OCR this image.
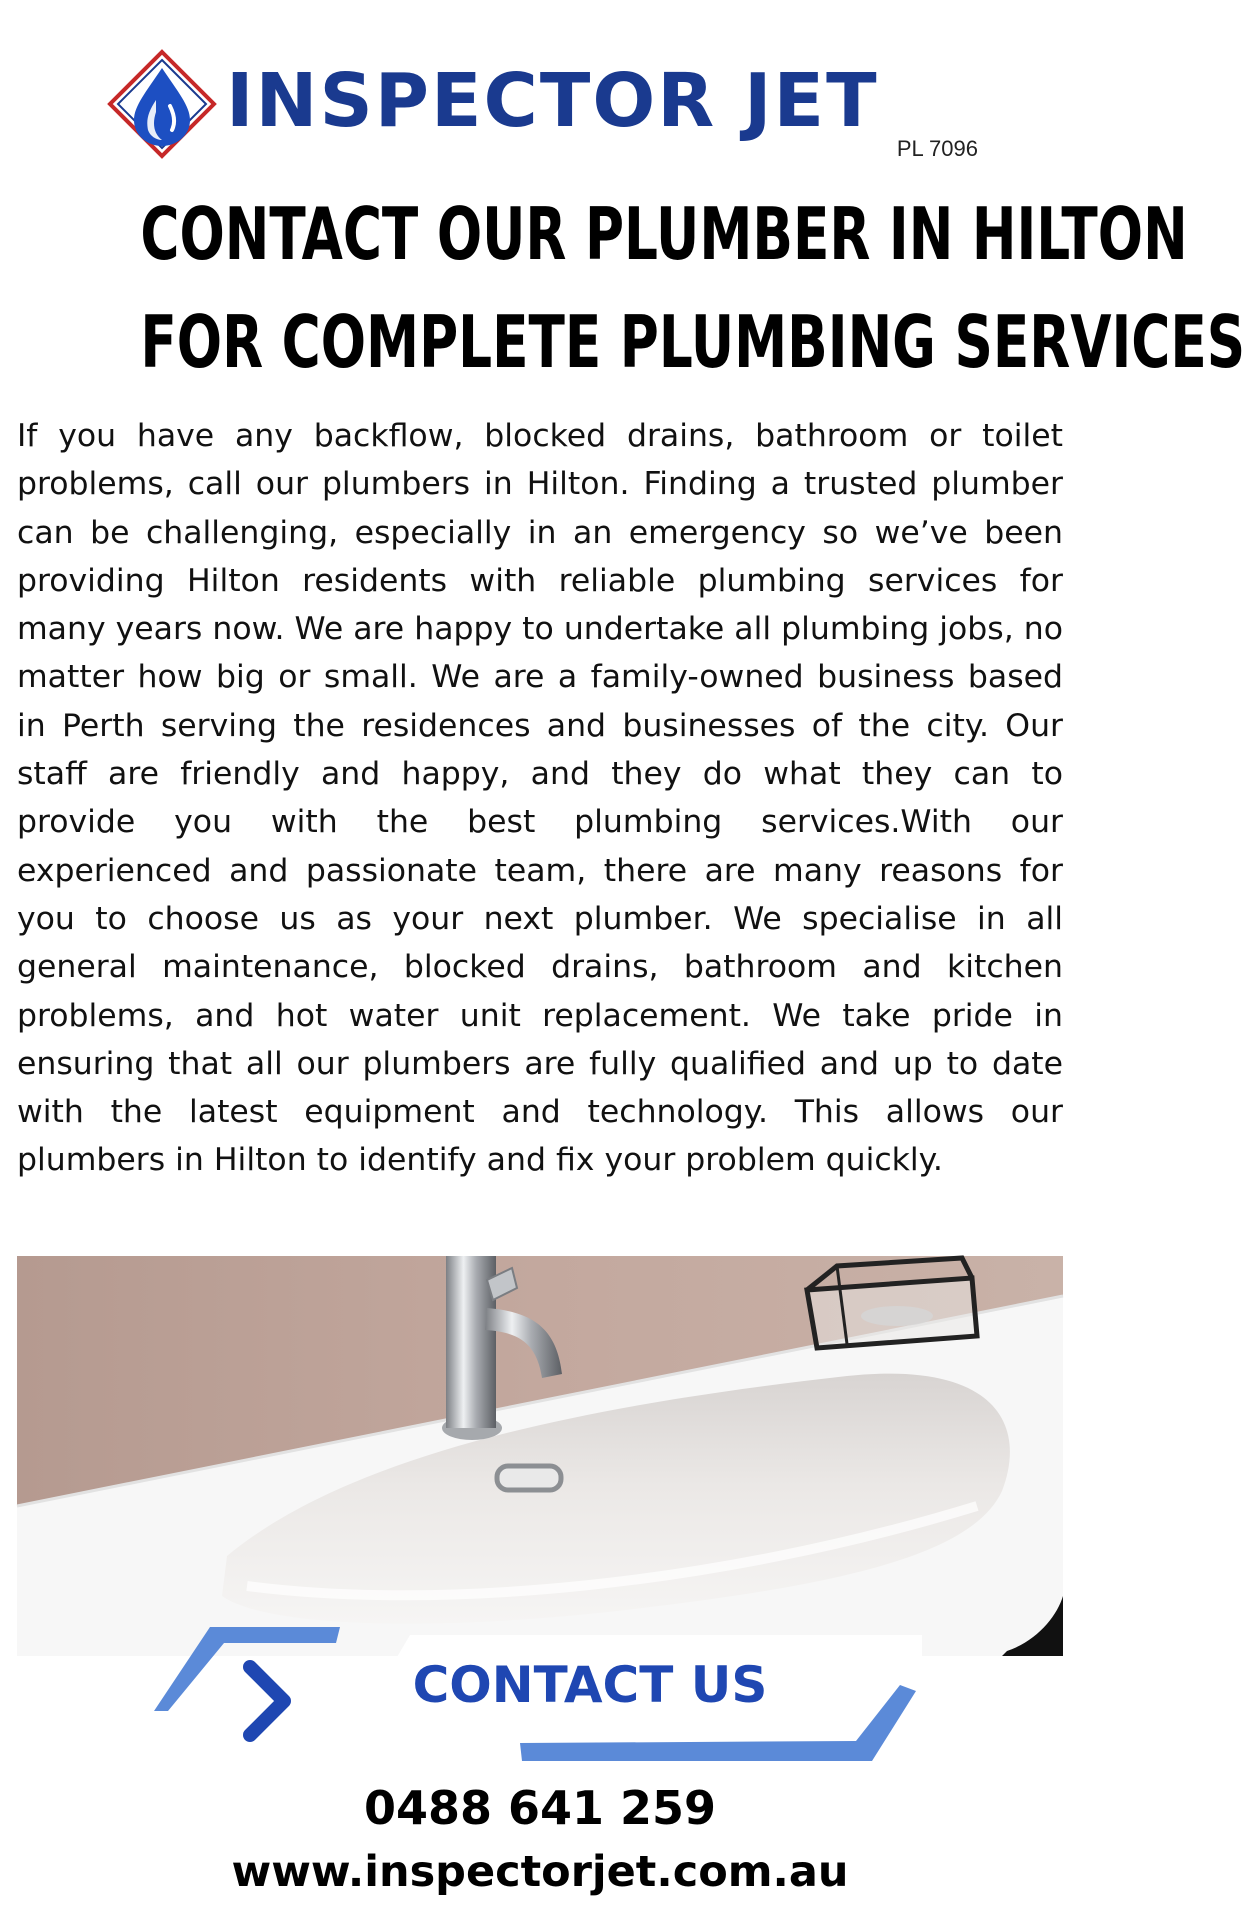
INSPECTOR JET
PL 7096
CONTACT OUR PLUMBER IN HILTON
FOR COMPLETE PLUMBING SERVICES

If you have any backflow, blocked drains, bathroom or toilet problems, call our plumbers in Hilton. Finding a trusted plumber can be challenging, especially in an emergency so we’ve been providing Hilton residents with reliable plumbing services for many years now. We are happy to undertake all plumbing jobs, no matter how big or small. We are a family-owned business based in Perth serving the residences and businesses of the city. Our staff are friendly and happy, and they do what they can to provide you with the best plumbing services.With our experienced and passionate team, there are many reasons for you to choose us as your next plumber. We specialise in all general maintenance, blocked drains, bathroom and kitchen problems, and hot water unit replacement. We take pride in ensuring that all our plumbers are fully qualified and up to date with the latest equipment and technology. This allows our plumbers in Hilton to identify and fix your problem quickly.

CONTACT US
0488 641 259
www.inspectorjet.com.au
